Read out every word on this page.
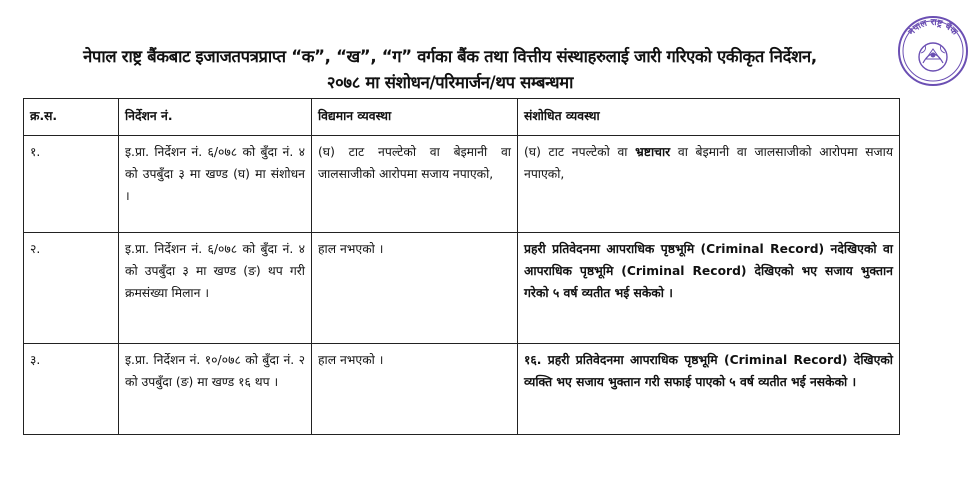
नेपाल राष्ट्र बैंकबाट इजाजतपत्रप्राप्त “क”, “ख”, “ग” वर्गका बैंक तथा वित्तीय संस्थाहरुलाई जारी गरिएको एकीकृत निर्देशन,
२०७८ मा संशोधन/परिमार्जन/थप सम्बन्धमा
नेपाल राष्ट्र बैंक
क्र.स.	निर्देशन नं.	विद्यमान व्यवस्था	संशोधित व्यवस्था
१.	इ.प्रा. निर्देशन नं. ६/०७८ को बुँदा नं. ४ को उपबुँदा ३ मा खण्ड (घ) मा संशोधन ।	(घ) टाट नपल्टेको वा बेइमानी वा जालसाजीको आरोपमा सजाय नपाएको,	(घ) टाट नपल्टेको वा भ्रष्टाचार वा बेइमानी वा जालसाजीको आरोपमा सजाय नपाएको,
२.	इ.प्रा. निर्देशन नं. ६/०७८ को बुँदा नं. ४ को उपबुँदा ३ मा खण्ड (ङ) थप गरी क्रमसंख्या मिलान ।	हाल नभएको ।	प्रहरी प्रतिवेदनमा आपराधिक पृष्ठभूमि (Criminal Record) नदेखिएको वा आपराधिक पृष्ठभूमि (Criminal Record) देखिएको भए सजाय भुक्तान गरेको ५ वर्ष व्यतीत भई सकेको ।
३.	इ.प्रा. निर्देशन नं. १०/०७८ को बुँदा नं. २ को उपबुँदा (ङ) मा खण्ड १६ थप ।	हाल नभएको ।	१६. प्रहरी प्रतिवेदनमा आपराधिक पृष्ठभूमि (Criminal Record) देखिएको व्यक्ति भए सजाय भुक्तान गरी सफाई पाएको ५ वर्ष व्यतीत भई नसकेको ।
